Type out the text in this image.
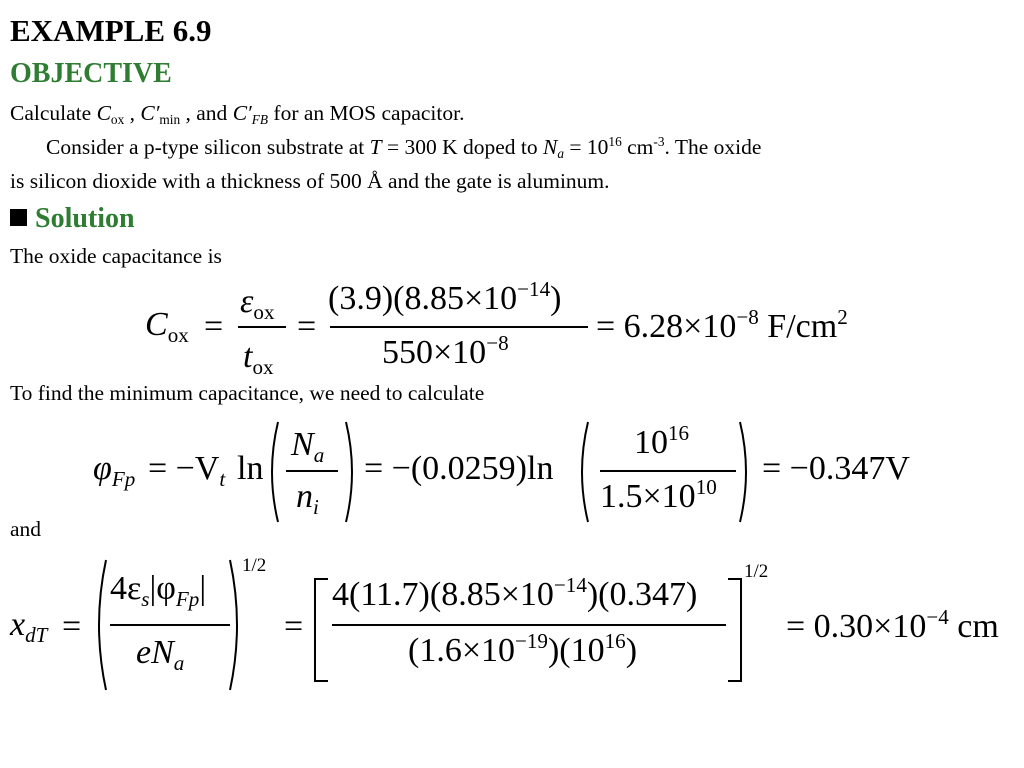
EXAMPLE 6.9
OBJECTIVE
Calculate $C_{ox}$ , $C'_{min}$ , and $C'_{FB}$ for an MOS capacitor.
Consider a p-type silicon substrate at T = 300 K doped to $N_a = 10^{16}$ $cm^{-3}$. The oxide
is silicon dioxide with a thickness of 500 Å and the gate is aluminum.
Solution
The oxide capacitance is
$C_{ox}$ =
$\varepsilon_{ox}$
$t_{ox}$
=
$(3.9)(8.85\times 10^{-14})$
$550\times 10^{-8}$	= $6.28\times 10^{-8}$ $F/cm^2$
To find the minimum capacitance, we need to calculate
$\varphi_{Fp} = -V_t$ ln
$N_a$
$n_i$
= −(0.0259)ln
$10^{16}$
$1.5\times 10^{10} = -0.347V$
and
$x_{dT}$ =
$4\varepsilon_s|\varphi_{Fp}|$
$eN_a$
1/2
=
$4(11.7)(8.85\times 10^{-14})(0.347)$
$(1.6\times 10^{-19})(10^{16})$
1/2
= $0.30\times 10^{-4}$ cm
